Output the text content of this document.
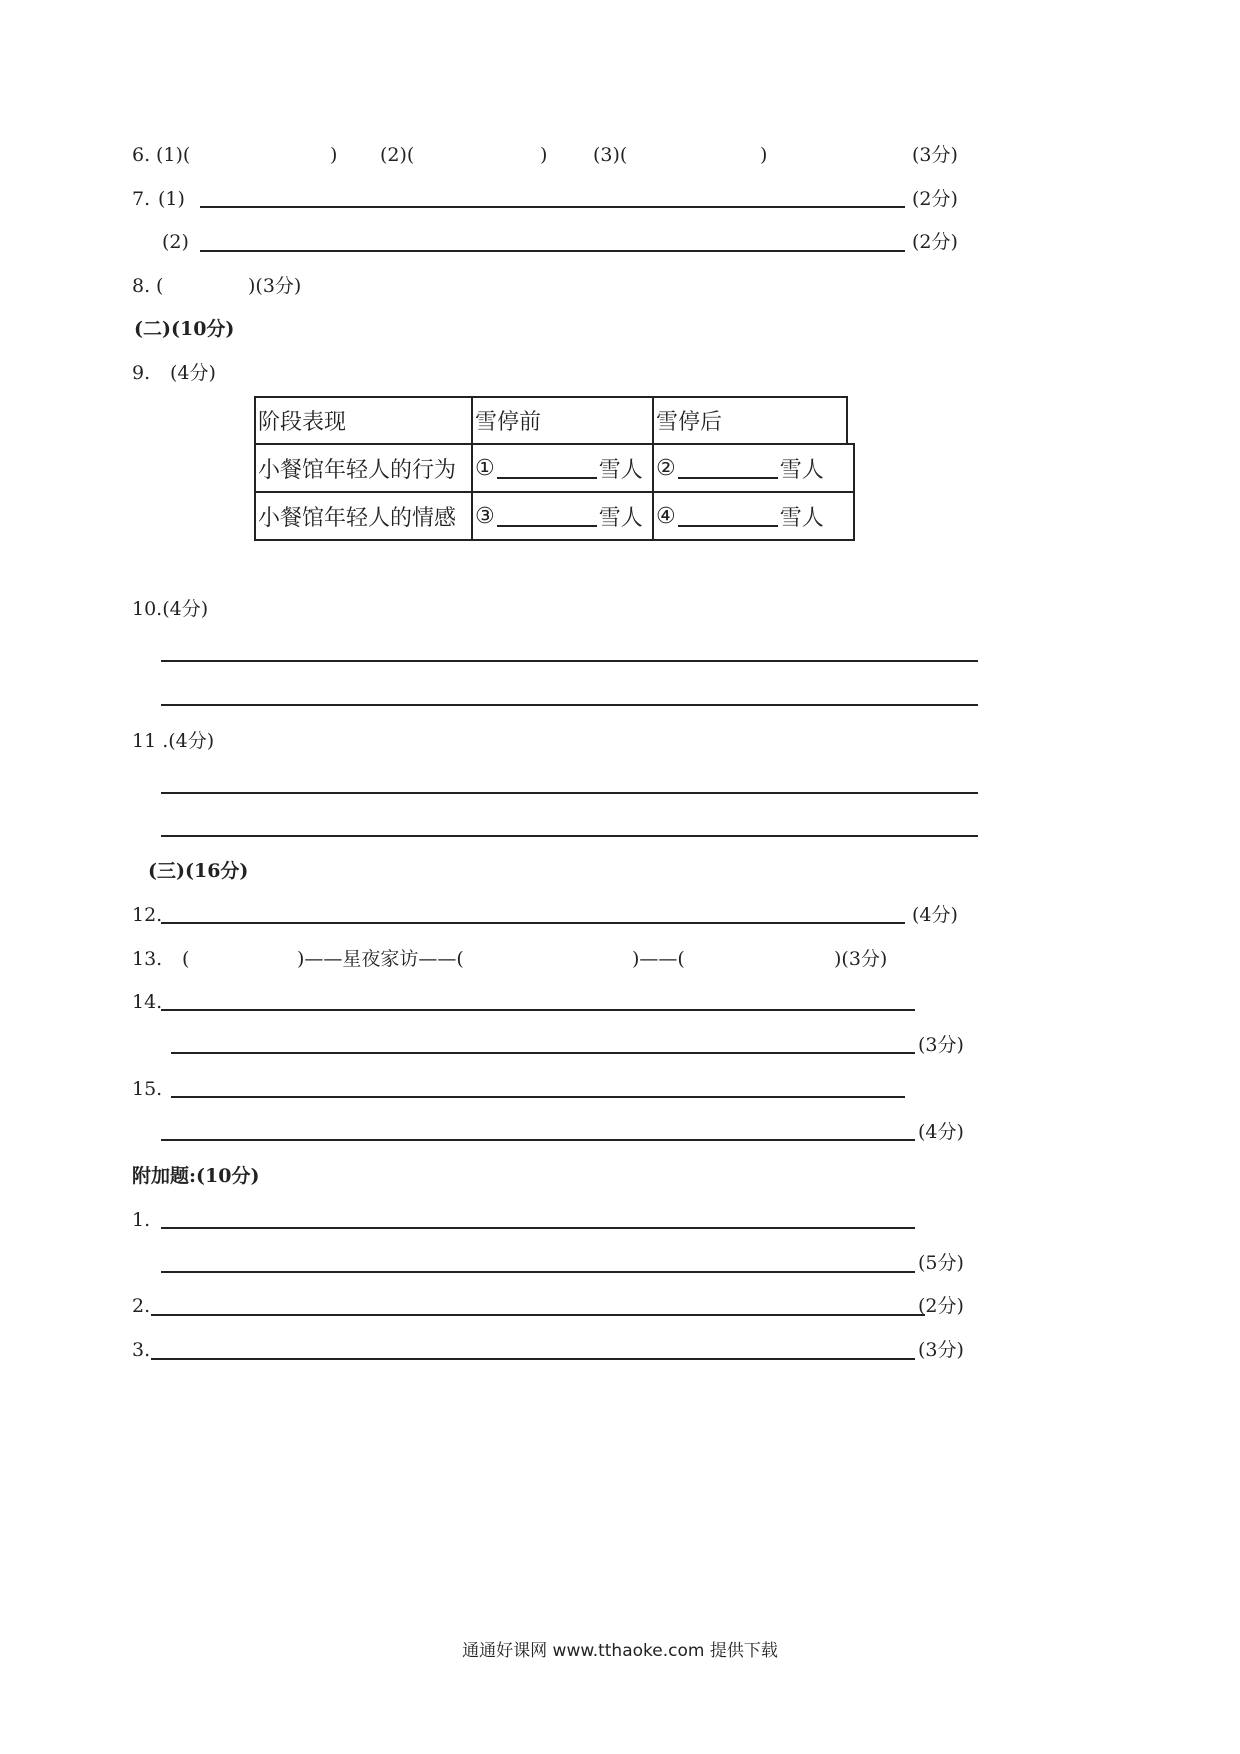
6. (1)(	) (2)(	) (3)(	)	(3分)
7. (1)	(2分)
(2)	(2分)
8. (	)(3分)
(二)(10分)
9. (4分)
阶段表现	雪停前	雪停后
小餐馆年轻人的行为 ①	雪人 ②	雪人
小餐馆年轻人的情感 ③	雪人 ④	雪人
10.(4分)
11 .(4分)
(三)(16分)
12.	(4分)
13. (	)——星夜家访——(	)——(	)(3分)
14.
(3分)
15.
(4分)
附加题:(10分)
1.
(5分)
2.	(2分)
3.	(3分)
通通好课网 www.tthaoke.com 提供下载
